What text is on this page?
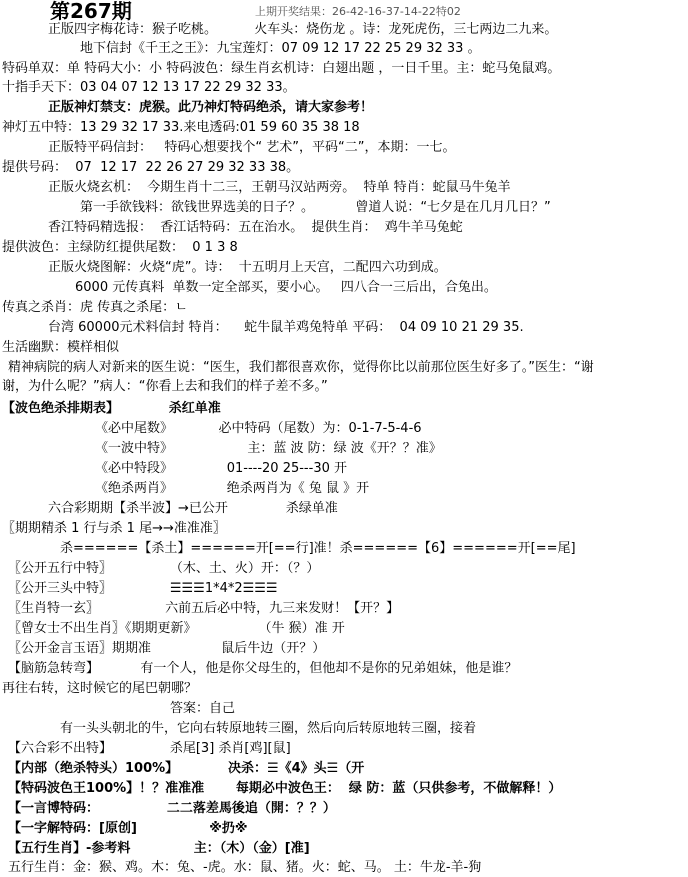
第267期	上期开奖结果：26-42-16-37-14-22特02
正版四字梅花诗：猴子吃桃。         火车头：烧伤龙 。诗：龙死虎伤，三七两边二九来。
地下信封《千王之王》：九宝莲灯：07 09 12 17 22 25 29 32 33 。
特码单双：单 特码大小：小 特码波色：绿生肖玄机诗：白翅出题 ，一日千里。主：蛇马兔鼠鸡。
十指手天下：03 04 07 12 13 17 22 29 32 33。
正版神灯禁支：虎猴。此乃神灯特码绝杀，请大家参考！
神灯五中特：13 29 32 17 33.来电透码:01 59 60 35 38 18
正版特平码信封：   特码心想要找个“ 艺术”，平码“二”，本期：一七。
提供号码：  07  12 17  22 26 27 29 32 33 38。
正版火烧玄机：  今期生肖十二三，王朝马汉站两旁。  特单 特肖：蛇鼠马牛兔羊
第一手欲钱料：欲钱世界选美的日子？。          曾道人说：“七夕是在几月几日？”
香江特码精选报：  香江话特码：五在治水。  提供生肖：  鸡牛羊马兔蛇
提供波色：主绿防红提供尾数：  0 1 3 8
正版火烧图解：火烧“虎”。诗：  十五明月上天宫，二配四六功到成。
6000 元传真料  单数一定全部买，要小心。   四八合一三后出，合兔出。
传真之杀肖：虎 传真之杀尾：ㄴ
台湾 60000元术料信封 特肖：    蛇牛鼠羊鸡兔特单 平码：  04 09 10 21 29 35.
生活幽默：模样相似
精神病院的病人对新来的医生说：“医生，我们都很喜欢你，觉得你比以前那位医生好多了。”医生：“谢
谢，为什么呢？”病人：“你看上去和我们的样子差不多。”
【波色绝杀排期表】           杀红单准
《必中尾数》           必中特码（尾数）为：0-1-7-5-4-6
《一波中特》                  主：蓝 波 防：绿 波《开？？准》
《必中特段》             01----20 25---30 开
《绝杀两肖》             绝杀两肖为《 兔 鼠 》开
六合彩期期【杀半波】→已公开              杀绿单准
〖期期精杀 1 行与杀 1 尾→→准准准〗
杀======【杀土】======开[==行]准！杀======【6】======开[==尾]
〖公开五行中特〗              （木、土、火）开：（？）
〖公开三头中特〗              ☰☰☰1*4*2☰☰☰
〖生肖特一玄〗                六前五后必中特，九三来发财！【开？】
〖曾女士不出生肖〗《期期更新》               （牛 猴）准 开
〖公开金言玉语〗期期准                 鼠后牛边（开？）
【脑筋急转弯】          有一个人，他是你父母生的，但他却不是你的兄弟姐妹，他是谁？
再往右转，这时候它的尾巴朝哪？
答案：自己
有一头头朝北的牛，它向右转原地转三圈，然后向后转原地转三圈，接着
【六合彩不出特】              杀尾[3] 杀肖[鸡][鼠]
【内部（绝杀特头）100%】           决杀：☰《4》头☰（开
【特码波色王100%】！？准准准       每期必中波色王：  绿 防：蓝（只供参考，不做解释！）
【一言博特码：               二二落差馬後追（開：？？）
【一字解特码：[原创]                ※扔※
【五行生肖】-参考料              主：（木）（金）[准]
五行生肖：金：猴、鸡。木：兔、-虎。水：鼠、猪。火：蛇、马。 土：牛龙-羊-狗
